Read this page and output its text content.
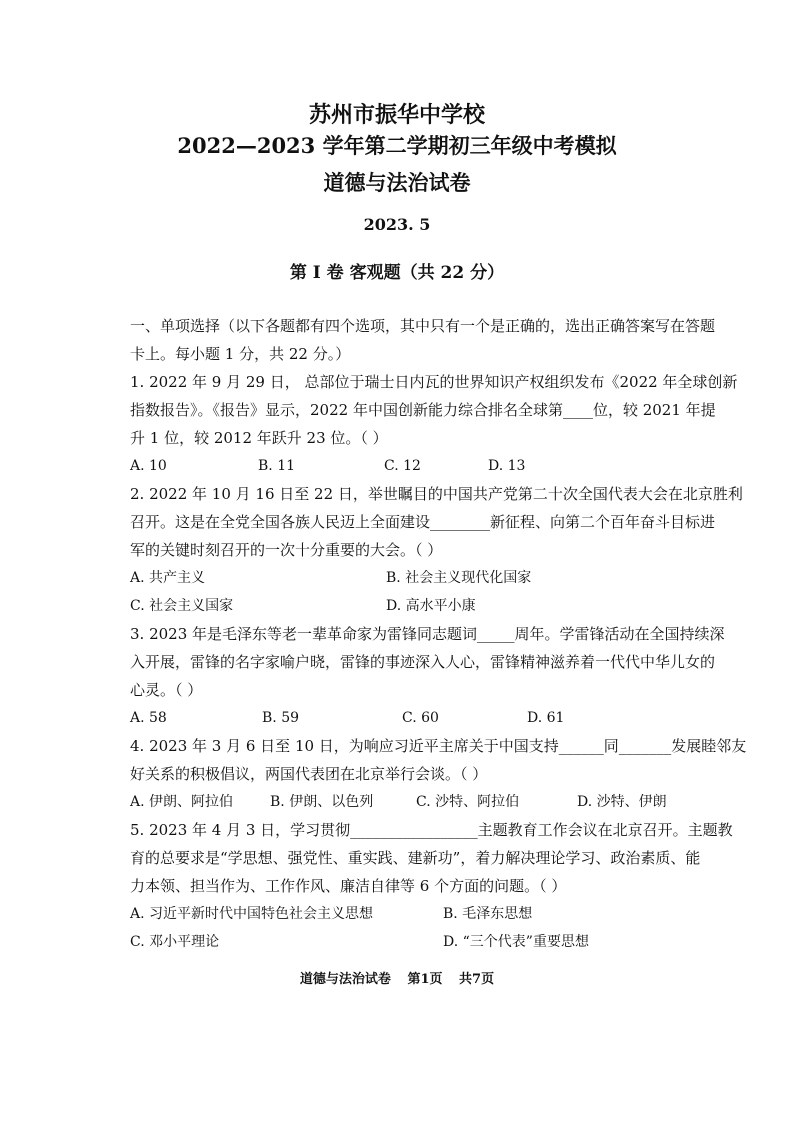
苏州市振华中学校
2022—2023 学年第二学期初三年级中考模拟
道德与法治试卷
2023. 5
第 I 卷 客观题（共 22 分）
一、单项选择（以下各题都有四个选项，其中只有一个是正确的，选出正确答案写在答题
卡上。每小题 1 分，共 22 分。）
1. 2022 年 9 月 29 日， 总部位于瑞士日内瓦的世界知识产权组织发布《2022 年全球创新
指数报告》。《报告》显示，2022 年中国创新能力综合排名全球第____位，较 2021 年提
升 1 位，较 2012 年跃升 23 位。（ ）
A. 10	B. 11	C. 12	D. 13
2. 2022 年 10 月 16 日至 22 日，举世瞩目的中国共产党第二十次全国代表大会在北京胜利
召开。这是在全党全国各族人民迈上全面建设________新征程、向第二个百年奋斗目标进
军的关键时刻召开的一次十分重要的大会。（ ）
A. 共产主义	B. 社会主义现代化国家
C. 社会主义国家	D. 高水平小康
3. 2023 年是毛泽东等老一辈革命家为雷锋同志题词_____周年。学雷锋活动在全国持续深
入开展，雷锋的名字家喻户晓，雷锋的事迹深入人心，雷锋精神滋养着一代代中华儿女的
心灵。（ ）
A. 58	B. 59	C. 60	D. 61
4. 2023 年 3 月 6 日至 10 日，为响应习近平主席关于中国支持______同_______发展睦邻友
好关系的积极倡议，两国代表团在北京举行会谈。（ ）
A. 伊朗、阿拉伯	B. 伊朗、以色列	C. 沙特、阿拉伯	D. 沙特、伊朗
5. 2023 年 4 月 3 日，学习贯彻_________________主题教育工作会议在北京召开。主题教
育的总要求是“学思想、强党性、重实践、建新功”，着力解决理论学习、政治素质、能
力本领、担当作为、工作作风、廉洁自律等 6 个方面的问题。（ ）
A. 习近平新时代中国特色社会主义思想	B. 毛泽东思想
道德与法治试卷 第1页 共7页
C. 邓小平理论	D. “三个代表”重要思想
